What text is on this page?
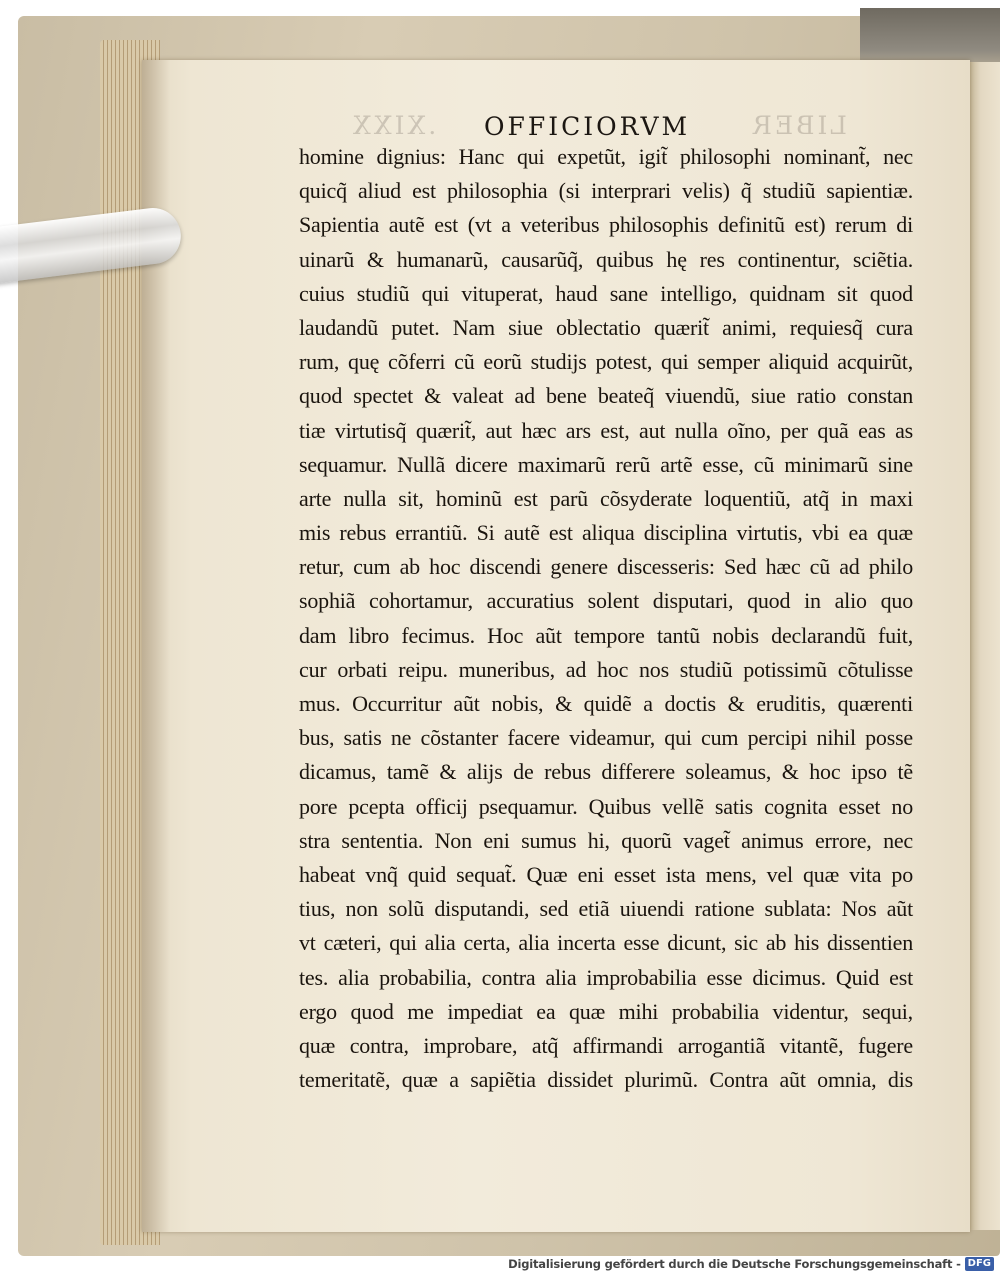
.XIXX	LIBER
OFFICIORVM
homine dignius: Hanc qui expetũt, igit̃ philosophi nominant̃, nec
quicq̃ aliud est philosophia (si interprari velis) q̃ studiũ sapientiæ.
Sapientia autẽ est (vt a veteribus philosophis definitũ est) rerum di
uinarũ & humanarũ, causarũq̃, quibus hę res continentur, sciẽtia.
cuius studiũ qui vituperat, haud sane intelligo, quidnam sit quod
laudandũ putet. Nam siue oblectatio quærit̃ animi, requiesq̃ cura
rum, quę cõferri cũ eorũ studijs potest, qui semper aliquid acquirũt,
quod spectet & valeat ad bene beateq̃ viuendũ, siue ratio constan
tiæ virtutisq̃ quærit̃, aut hæc ars est, aut nulla oĩno, per quã eas as
sequamur. Nullã dicere maximarũ rerũ artẽ esse, cũ minimarũ sine
arte nulla sit, hominũ est parũ cõsyderate loquentiũ, atq̃ in maxi
mis rebus errantiũ. Si autẽ est aliqua disciplina virtutis, vbi ea quæ
retur, cum ab hoc discendi genere discesseris: Sed hæc cũ ad philo
sophiã cohortamur, accuratius solent disputari, quod in alio quo
dam libro fecimus. Hoc aũt tempore tantũ nobis declarandũ fuit,
cur orbati reipu. muneribus, ad hoc nos studiũ potissimũ cõtulisse
mus. Occurritur aũt nobis, & quidẽ a doctis & eruditis, quærenti
bus, satis ne cõstanter facere videamur, qui cum percipi nihil posse
dicamus, tamẽ & alijs de rebus differere soleamus, & hoc ipso tẽ
pore pcepta officij psequamur. Quibus vellẽ satis cognita esset no
stra sententia. Non eni sumus hi, quorũ vaget̃ animus errore, nec
habeat vnq̃ quid sequat̃. Quæ eni esset ista mens, vel quæ vita po
tius, non solũ disputandi, sed etiã uiuendi ratione sublata: Nos aũt
vt cæteri, qui alia certa, alia incerta esse dicunt, sic ab his dissentien
tes. alia probabilia, contra alia improbabilia esse dicimus. Quid est
ergo quod me impediat ea quæ mihi probabilia videntur, sequi,
quæ contra, improbare, atq̃ affirmandi arrogantiã vitantẽ, fugere
temeritatẽ, quæ a sapiẽtia dissidet plurimũ. Contra aũt omnia, dis
Digitalisierung gefördert durch die Deutsche Forschungsgemeinschaft - DFG
